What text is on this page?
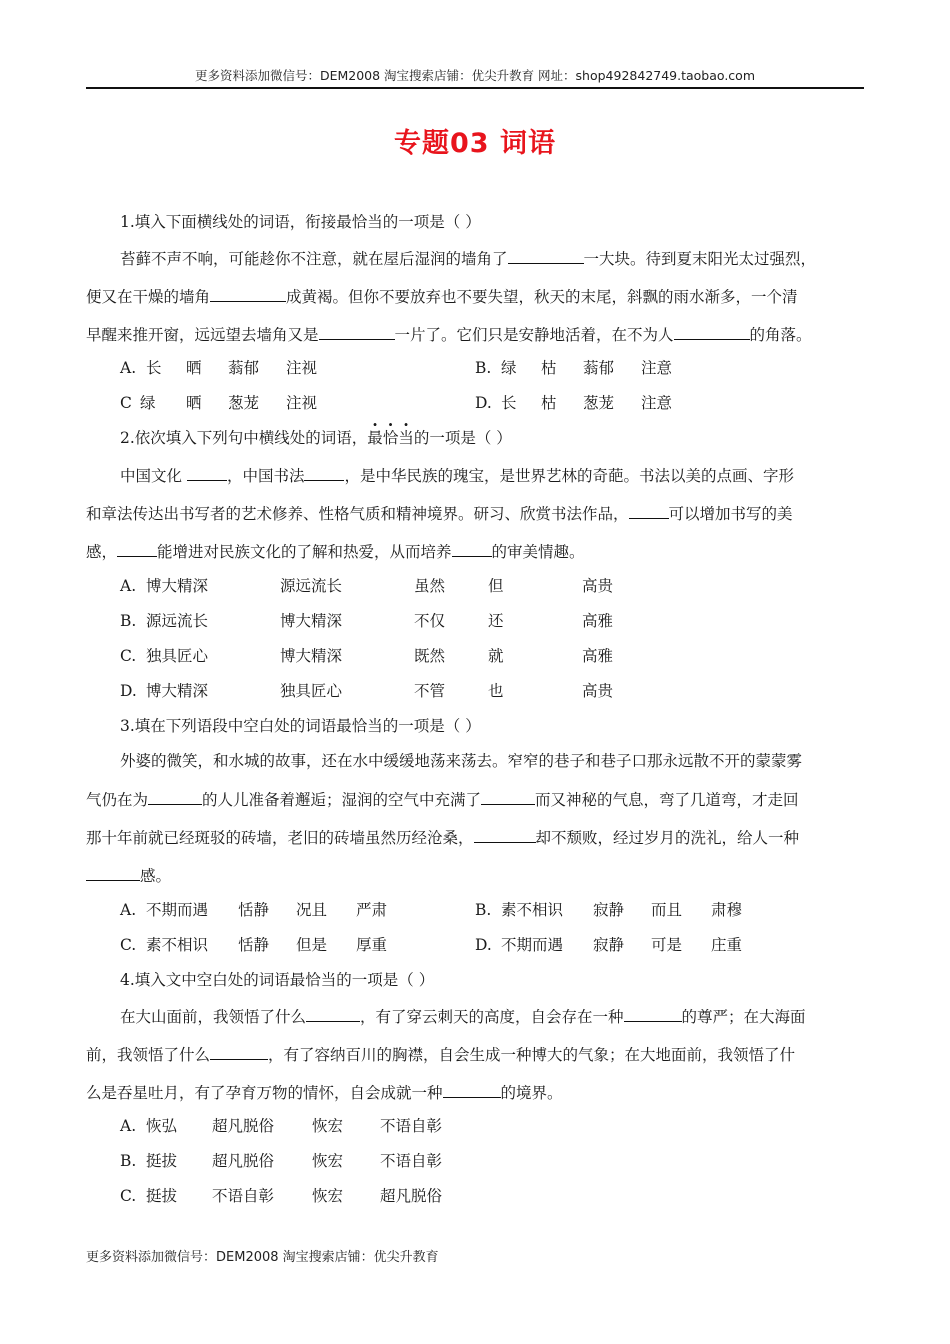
更多资料添加微信号：DEM2008 淘宝搜索店铺：优尖升教育 网址：shop492842749.taobao.com
专题03 词语
1.填入下面横线处的词语，衔接最恰当的一项是（ ）
苔藓不声不响，可能趁你不注意，就在屋后湿润的墙角了	一大块。待到夏末阳光太过强烈，
便又在干燥的墙角	成黄褐。但你不要放弃也不要失望，秋天的末尾，斜飘的雨水渐多，一个清
早醒来推开窗，远远望去墙角又是	一片了。它们只是安静地活着，在不为人	的角落。
A. 长 晒 蓊郁 注视	B. 绿 枯 蓊郁 注意
C 绿 晒 葱茏 注视	D. 长 枯 葱茏 注意
2.依次填入下列句中横线处的词语，最恰当的一项是（ ）
中国文化	，中国书法	，是中华民族的瑰宝，是世界艺林的奇葩。书法以美的点画、字形
和章法传达出书写者的艺术修养、性格气质和精神境界。研习、欣赏书法作品，	可以增加书写的美
感，	能增进对民族文化的了解和热爱，从而培养	的审美情趣。
A. 博大精深	源远流长	虽然	但	高贵
B. 源远流长	博大精深	不仅	还	高雅
C. 独具匠心	博大精深	既然	就	高雅
D. 博大精深	独具匠心	不管	也	高贵
3.填在下列语段中空白处的词语最恰当的一项是（ ）
外婆的微笑，和水城的故事，还在水中缓缓地荡来荡去。窄窄的巷子和巷子口那永远散不开的蒙蒙雾
气仍在为	的人儿准备着邂逅；湿润的空气中充满了	而又神秘的气息，弯了几道弯，才走回
那十年前就已经斑驳的砖墙，老旧的砖墙虽然历经沧桑，	却不颓败，经过岁月的洗礼，给人一种
感。
A. 不期而遇 恬静 况且 严肃	B. 素不相识 寂静 而且 肃穆
C. 素不相识 恬静 但是 厚重	D. 不期而遇 寂静 可是 庄重
4.填入文中空白处的词语最恰当的一项是（ ）
在大山面前，我领悟了什么	，有了穿云刺天的高度，自会存在一种	的尊严；在大海面
前，我领悟了什么	，有了容纳百川的胸襟，自会生成一种博大的气象；在大地面前，我领悟了什
么是吞星吐月，有了孕育万物的情怀，自会成就一种	的境界。
A. 恢弘 超凡脱俗 恢宏 不语自彰
B. 挺拔 超凡脱俗 恢宏 不语自彰
C. 挺拔 不语自彰 恢宏 超凡脱俗
更多资料添加微信号：DEM2008 淘宝搜索店铺：优尖升教育
